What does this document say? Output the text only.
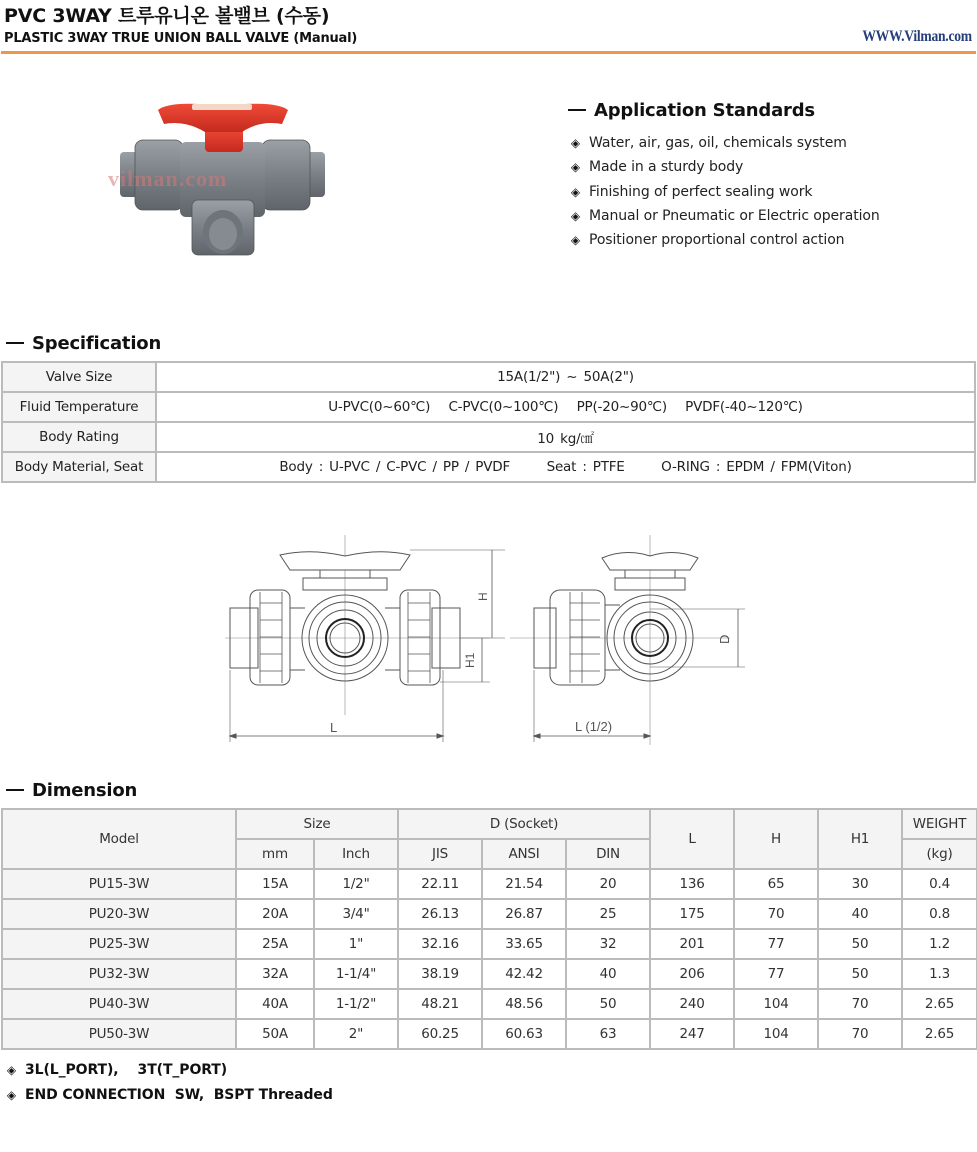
PVC 3WAY 트루유니온 볼밸브 (수동)
PLASTIC 3WAY TRUE UNION BALL VALVE (Manual)	WWW.Vilman.com
vilman.com
Application Standards
◈ Water, air, gas, oil, chemicals system
◈ Made in a sturdy body
◈ Finishing of perfect sealing work
◈ Manual or Pneumatic or Electric operation
◈ Positioner proportional control action
Specification
Valve Size	15A(1/2") ~ 50A(2")
Fluid Temperature	U-PVC(0~60℃)   C-PVC(0~100℃)   PP(-20~90℃)   PVDF(-40~120℃)
Body Rating	10 kg/㎠
Body Material, Seat	Body : U-PVC / C-PVC / PP / PVDF      Seat : PTFE      O-RING : EPDM / FPM(Viton)
H
H1
L
D
L (1/2)
Dimension
Model	Size		D (Socket)			L	H	H1	WEIGHT
	mm	Inch	JIS	ANSI	DIN				(kg)
PU15-3W	15A	1/2"	22.11	21.54	20	136	65	30	0.4
PU20-3W	20A	3/4"	26.13	26.87	25	175	70	40	0.8
PU25-3W	25A	1"	32.16	33.65	32	201	77	50	1.2
PU32-3W	32A	1-1/4"	38.19	42.42	40	206	77	50	1.3
PU40-3W	40A	1-1/2"	48.21	48.56	50	240	104	70	2.65
PU50-3W	50A	2"	60.25	60.63	63	247	104	70	2.65
◈ 3L(L_PORT),    3T(T_PORT)
◈ END CONNECTION  SW,  BSPT Threaded
